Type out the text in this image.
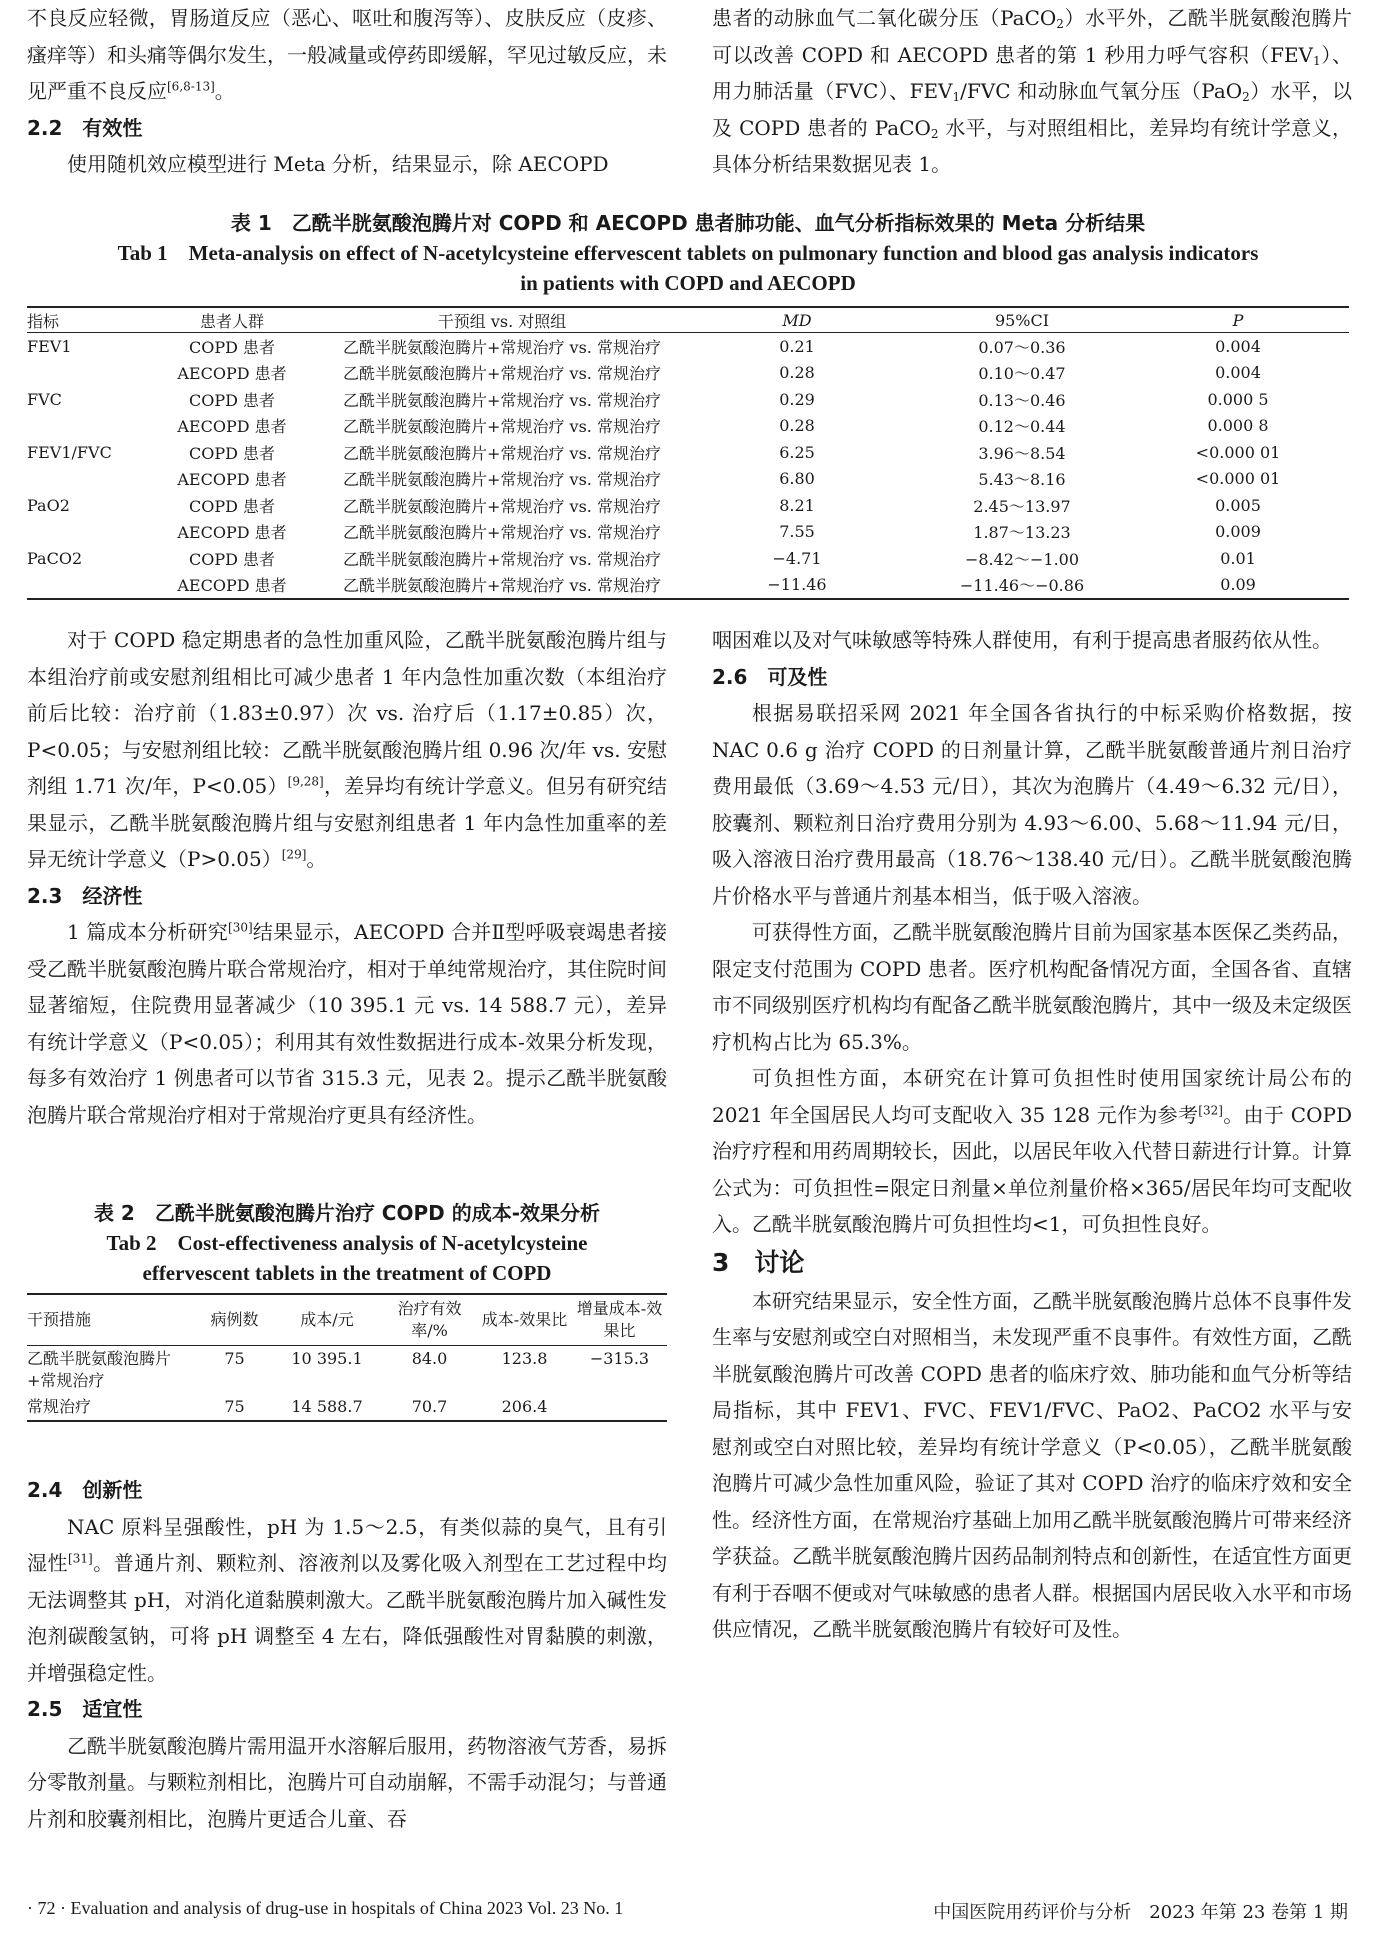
不良反应轻微，胃肠道反应（恶心、呕吐和腹泻等）、皮肤反应（皮疹、瘙痒等）和头痛等偶尔发生，一般减量或停药即缓解，罕见过敏反应，未见严重不良反应[6,8-13]。

2.2　有效性

使用随机效应模型进行 Meta 分析，结果显示，除 AECOPD

患者的动脉血气二氧化碳分压（PaCO$_2$）水平外，乙酰半胱氨酸泡腾片可以改善 COPD 和 AECOPD 患者的第 1 秒用力呼气容积$(FEV_1)$、用力肺活量（FVC）、$FEV_1$/FVC 和动脉血气氧分压（PaO$_2$）水平，以及 COPD 患者的 PaCO$_2$ 水平，与对照组相比，差异均有统计学意义，具体分析结果数据见表 1。

表 1　乙酰半胱氨酸泡腾片对 COPD 和 AECOPD 患者肺功能、血气分析指标效果的 Meta 分析结果

Tab 1　Meta-analysis on effect of N-acetylcysteine effervescent tablets on pulmonary function and blood gas analysis indicators

in patients with COPD and AECOPD

指标	患者人群	干预组 vs. 对照组	MD	95%CI	P
FEV1	COPD 患者	乙酰半胱氨酸泡腾片+常规治疗 vs. 常规治疗	0.21	0.07～0.36	0.004
	AECOPD 患者	乙酰半胱氨酸泡腾片+常规治疗 vs. 常规治疗	0.28	0.10～0.47	0.004
FVC	COPD 患者	乙酰半胱氨酸泡腾片+常规治疗 vs. 常规治疗	0.29	0.13～0.46	0.000 5
	AECOPD 患者	乙酰半胱氨酸泡腾片+常规治疗 vs. 常规治疗	0.28	0.12～0.44	0.000 8
FEV1/FVC	COPD 患者	乙酰半胱氨酸泡腾片+常规治疗 vs. 常规治疗	6.25	3.96～8.54	<0.000 01
	AECOPD 患者	乙酰半胱氨酸泡腾片+常规治疗 vs. 常规治疗	6.80	5.43～8.16	<0.000 01
PaO2	COPD 患者	乙酰半胱氨酸泡腾片+常规治疗 vs. 常规治疗	8.21	2.45～13.97	0.005
	AECOPD 患者	乙酰半胱氨酸泡腾片+常规治疗 vs. 常规治疗	7.55	1.87～13.23	0.009
PaCO2	COPD 患者	乙酰半胱氨酸泡腾片+常规治疗 vs. 常规治疗	−4.71	−8.42～−1.00	0.01
	AECOPD 患者	乙酰半胱氨酸泡腾片+常规治疗 vs. 常规治疗	−11.46	−11.46～−0.86	0.09

对于 COPD 稳定期患者的急性加重风险，乙酰半胱氨酸泡腾片组与本组治疗前或安慰剂组相比可减少患者 1 年内急性加重次数（本组治疗前后比较：治疗前（1.83±0.97）次 vs. 治疗后（1.17±0.85）次，P<0.05；与安慰剂组比较：乙酰半胱氨酸泡腾片组 0.96 次/年 vs. 安慰剂组 1.71 次/年，P<0.05）[9,28]，差异均有统计学意义。但另有研究结果显示，乙酰半胱氨酸泡腾片组与安慰剂组患者 1 年内急性加重率的差异无统计学意义（P>0.05）[29]。

2.3　经济性

1 篇成本分析研究[30]结果显示，AECOPD 合并Ⅱ型呼吸衰竭患者接受乙酰半胱氨酸泡腾片联合常规治疗，相对于单纯常规治疗，其住院时间显著缩短，住院费用显著减少（10 395.1 元 vs. 14 588.7 元），差异有统计学意义（P<0.05）；利用其有效性数据进行成本-效果分析发现，每多有效治疗 1 例患者可以节省 315.3 元，见表 2。提示乙酰半胱氨酸泡腾片联合常规治疗相对于常规治疗更具有经济性。

表 2　乙酰半胱氨酸泡腾片治疗 COPD 的成本-效果分析

Tab 2　Cost-effectiveness analysis of N-acetylcysteine

effervescent tablets in the treatment of COPD

干预措施	病例数	成本/元	治疗有效率/%	成本-效果比	增量成本-效果比
乙酰半胱氨酸泡腾片+常规治疗	75	10 395.1	84.0	123.8	−315.3
常规治疗	75	14 588.7	70.7	206.4	
2.4　创新性

NAC 原料呈强酸性，pH 为 1.5～2.5，有类似蒜的臭气，且有引湿性[31]。普通片剂、颗粒剂、溶液剂以及雾化吸入剂型在工艺过程中均无法调整其 pH，对消化道黏膜刺激大。乙酰半胱氨酸泡腾片加入碱性发泡剂碳酸氢钠，可将 pH 调整至 4 左右，降低强酸性对胃黏膜的刺激，并增强稳定性。

2.5　适宜性

乙酰半胱氨酸泡腾片需用温开水溶解后服用，药物溶液气芳香，易拆分零散剂量。与颗粒剂相比，泡腾片可自动崩解，不需手动混匀；与普通片剂和胶囊剂相比，泡腾片更适合儿童、吞

咽困难以及对气味敏感等特殊人群使用，有利于提高患者服药依从性。

2.6　可及性

根据易联招采网 2021 年全国各省执行的中标采购价格数据，按 NAC 0.6 g 治疗 COPD 的日剂量计算，乙酰半胱氨酸普通片剂日治疗费用最低（3.69～4.53 元/日），其次为泡腾片（4.49～6.32 元/日），胶囊剂、颗粒剂日治疗费用分别为 4.93～6.00、5.68～11.94 元/日，吸入溶液日治疗费用最高（18.76～138.40 元/日）。乙酰半胱氨酸泡腾片价格水平与普通片剂基本相当，低于吸入溶液。

可获得性方面，乙酰半胱氨酸泡腾片目前为国家基本医保乙类药品，限定支付范围为 COPD 患者。医疗机构配备情况方面，全国各省、直辖市不同级别医疗机构均有配备乙酰半胱氨酸泡腾片，其中一级及未定级医疗机构占比为 65.3%。

可负担性方面，本研究在计算可负担性时使用国家统计局公布的 2021 年全国居民人均可支配收入 35 128 元作为参考[32]。由于 COPD 治疗疗程和用药周期较长，因此，以居民年收入代替日薪进行计算。计算公式为：可负担性=限定日剂量×单位剂量价格×365/居民年均可支配收入。乙酰半胱氨酸泡腾片可负担性均<1，可负担性良好。

3　讨论

本研究结果显示，安全性方面，乙酰半胱氨酸泡腾片总体不良事件发生率与安慰剂或空白对照相当，未发现严重不良事件。有效性方面，乙酰半胱氨酸泡腾片可改善 COPD 患者的临床疗效、肺功能和血气分析等结局指标，其中 FEV1、FVC、FEV1/FVC、PaO2、PaCO2 水平与安慰剂或空白对照比较，差异均有统计学意义（P<0.05），乙酰半胱氨酸泡腾片可减少急性加重风险，验证了其对 COPD 治疗的临床疗效和安全性。经济性方面，在常规治疗基础上加用乙酰半胱氨酸泡腾片可带来经济学获益。乙酰半胱氨酸泡腾片因药品制剂特点和创新性，在适宜性方面更有利于吞咽不便或对气味敏感的患者人群。根据国内居民收入水平和市场供应情况，乙酰半胱氨酸泡腾片有较好可及性。

· 72 · Evaluation and analysis of drug-use in hospitals of China 2023 Vol. 23 No. 1	中国医院用药评价与分析　2023 年第 23 卷第 1 期
